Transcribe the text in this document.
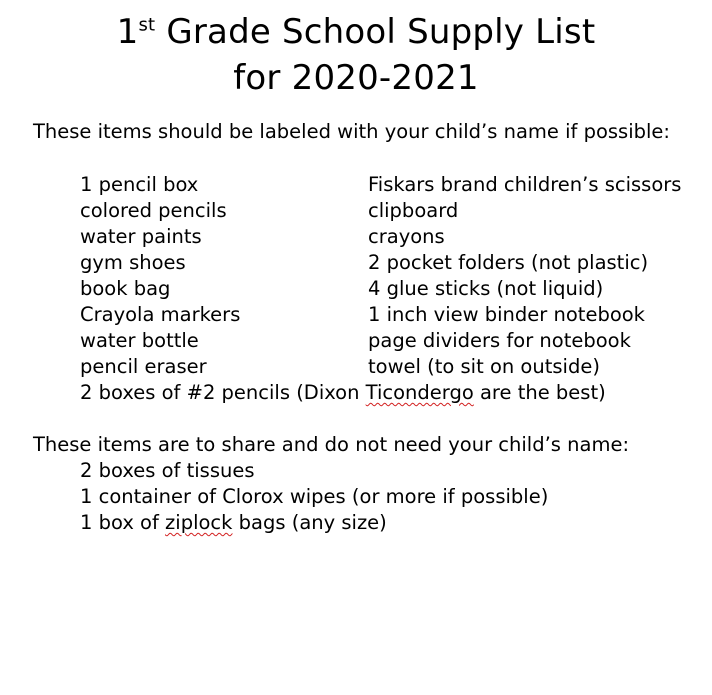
1st Grade School Supply List
for 2020-2021
These items should be labeled with your child’s name if possible:
1 pencil box
colored pencils
water paints
gym shoes
book bag
Crayola markers
water bottle
pencil eraser
Fiskars brand children’s scissors
clipboard
crayons
2 pocket folders (not plastic)
4 glue sticks (not liquid)
1 inch view binder notebook
page dividers for notebook
towel (to sit on outside)
2 boxes of #2 pencils (Dixon Ticondergo are the best)
These items are to share and do not need your child’s name:
2 boxes of tissues
1 container of Clorox wipes (or more if possible)
1 box of ziplock bags (any size)
